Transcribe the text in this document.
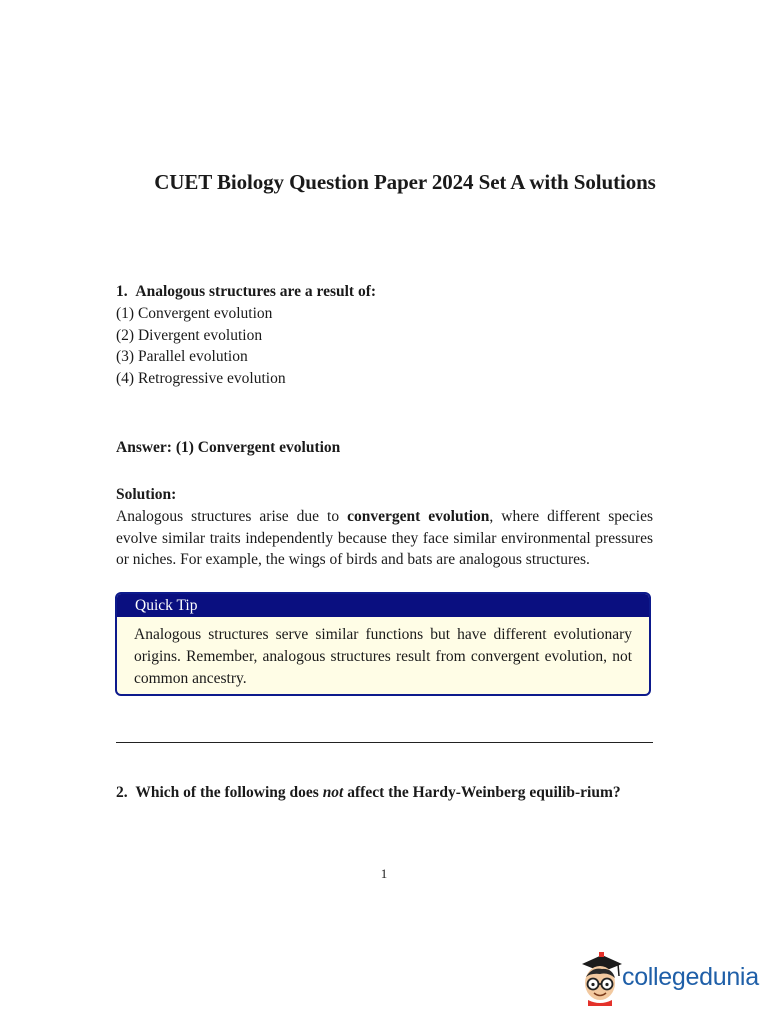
CUET Biology Question Paper 2024 Set A with Solutions
1. Analogous structures are a result of:
(1) Convergent evolution
(2) Divergent evolution
(3) Parallel evolution
(4) Retrogressive evolution
Answer: (1) Convergent evolution
Solution:

Analogous structures arise due to convergent evolution, where different species evolve similar traits independently because they face similar environmental pressures or niches. For example, the wings of birds and bats are analogous structures.

Quick Tip
Analogous structures serve similar functions but have different evolutionary origins. Remember, analogous structures result from convergent evolution, not common ancestry.
2. Which of the following does not affect the Hardy-Weinberg equilib-rium?
1
collegedunia
